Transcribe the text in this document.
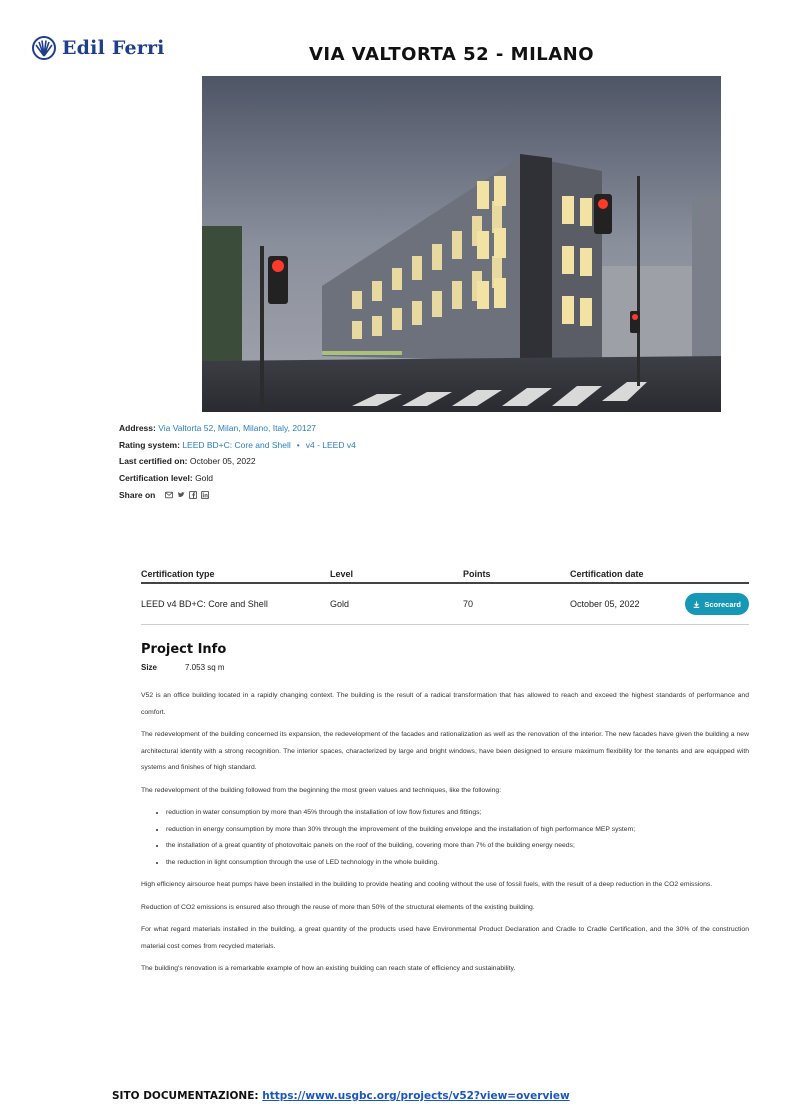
Edil Ferri	VIA VALTORTA 52 - MILANO
Address: Via Valtorta 52, Milan, Milano, Italy, 20127
Rating system: LEED BD+C: Core and Shell • v4 - LEED v4
Last certified on: October 05, 2022
Certification level: Gold
Share on
Certification type	Level	Points	Certification date
LEED v4 BD+C: Core and Shell	Gold	70	October 05, 2022	Scorecard
Project Info
Size	7.053 sq m

V52 is an office building located in a rapidly changing context. The building is the result of a radical transformation that has allowed to reach and exceed the highest standards of performance and comfort.

The redevelopment of the building concerned its expansion, the redevelopment of the facades and rationalization as well as the renovation of the interior. The new facades have given the building a new architectural identity with a strong recognition. The interior spaces, characterized by large and bright windows, have been designed to ensure maximum flexibility for the tenants and are equipped with systems and finishes of high standard.

The redevelopment of the building followed from the beginning the most green values and techniques, like the following:

• reduction in water consumption by more than 45% through the installation of low flow fixtures and fittings;
• reduction in energy consumption by more than 30% through the improvement of the building envelope and the installation of high performance MEP system;
• the installation of a great quantity of photovoltaic panels on the roof of the building, covering more than 7% of the building energy needs;
• the reduction in light consumption through the use of LED technology in the whole building.

High efficiency airsource heat pumps have been installed in the building to provide heating and cooling without the use of fossil fuels, with the result of a deep reduction in the CO2 emissions.

Reduction of CO2 emissions is ensured also through the reuse of more than 50% of the structural elements of the existing building.

For what regard materials installed in the building, a great quantity of the products used have Environmental Product Declaration and Cradle to Cradle Certification, and the 30% of the construction material cost comes from recycled materials.

The building's renovation is a remarkable example of how an existing building can reach state of efficiency and sustainability.

SITO DOCUMENTAZIONE: https://www.usgbc.org/projects/v52?view=overview
